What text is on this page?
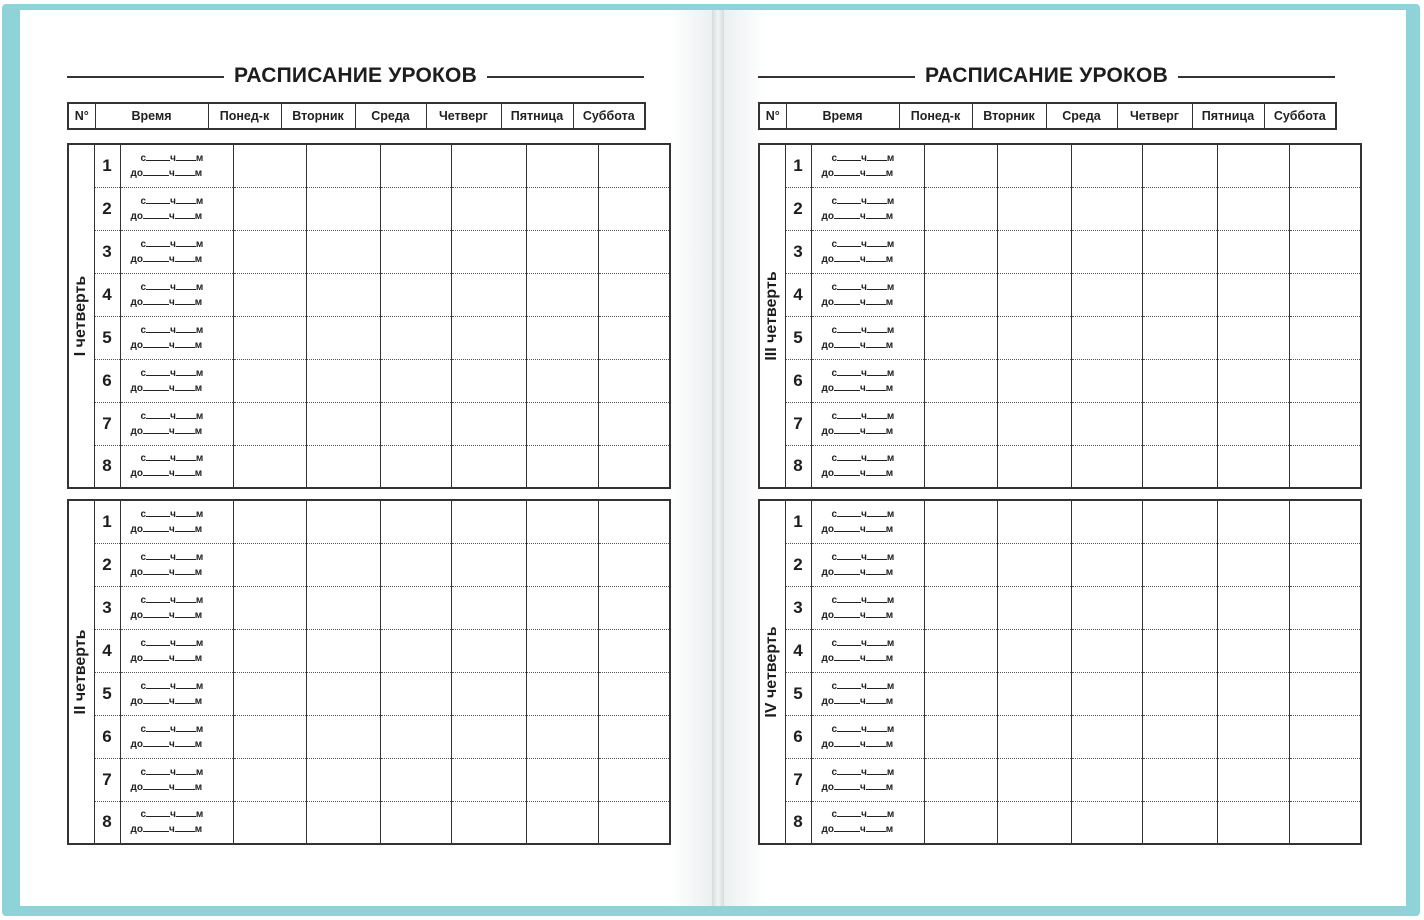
РАСПИСАНИЕ УРОКОВ
N°	Время	Понед-к	Вторник	Среда	Четверг	Пятница	Суббота
I четверть	1	с ч м
до ч м						

	2	с ч м
до ч м						

	3	с ч м
до ч м						

	4	с ч м
до ч м						

	5	с ч м
до ч м						

	6	с ч м
до ч м						

	7	с ч м
до ч м						

	8	с ч м
до ч м						

II четверть	1	с ч м
до ч м						

	2	с ч м
до ч м						

	3	с ч м
до ч м						

	4	с ч м
до ч м						

	5	с ч м
до ч м						

	6	с ч м
до ч м						

	7	с ч м
до ч м						

	8	с ч м
до ч м						

РАСПИСАНИЕ УРОКОВ
N°	Время	Понед-к	Вторник	Среда	Четверг	Пятница	Суббота
III четверть	1	с ч м
до ч м						

	2	с ч м
до ч м						

	3	с ч м
до ч м						

	4	с ч м
до ч м						

	5	с ч м
до ч м						

	6	с ч м
до ч м						

	7	с ч м
до ч м						

	8	с ч м
до ч м						

IV четверть	1	с ч м
до ч м						

	2	с ч м
до ч м						

	3	с ч м
до ч м						

	4	с ч м
до ч м						

	5	с ч м
до ч м						

	6	с ч м
до ч м						

	7	с ч м
до ч м						

	8	с ч м
до ч м						
